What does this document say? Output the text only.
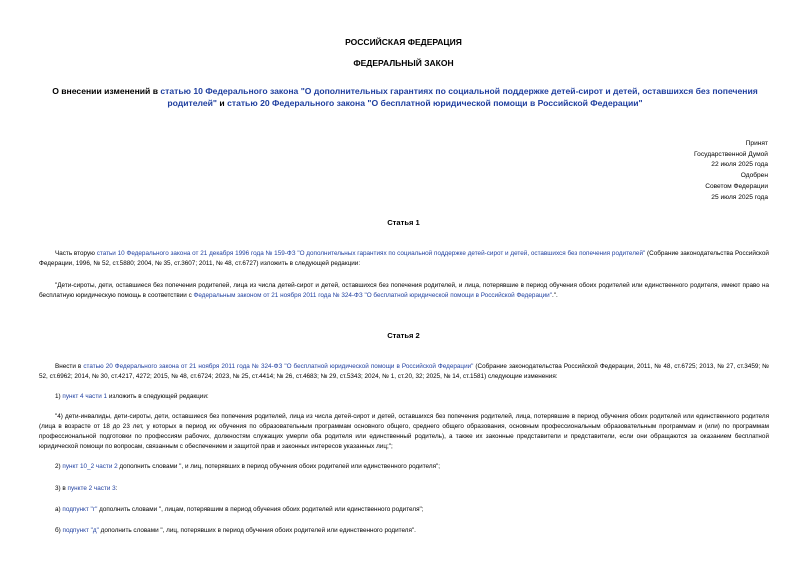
РОССИЙСКАЯ ФЕДЕРАЦИЯ
ФЕДЕРАЛЬНЫЙ ЗАКОН
О внесении изменений в статью 10 Федерального закона "О дополнительных гарантиях по социальной поддержке детей-сирот и детей, оставшихся без попечения родителей" и статью 20 Федерального закона "О бесплатной юридической помощи в Российской Федерации"
Принят
Государственной Думой
22 июля 2025 года
Одобрен
Советом Федерации
25 июля 2025 года
Статья 1
Часть вторую статьи 10 Федерального закона от 21 декабря 1996 года № 159-ФЗ "О дополнительных гарантиях по социальной поддержке детей-сирот и детей, оставшихся без попечения родителей" (Собрание законодательства Российской Федерации, 1996, № 52, ст.5880; 2004, № 35, ст.3607; 2011, № 48, ст.6727) изложить в следующей редакции:
"Дети-сироты, дети, оставшиеся без попечения родителей, лица из числа детей-сирот и детей, оставшихся без попечения родителей, и лица, потерявшие в период обучения обоих родителей или единственного родителя, имеют право на бесплатную юридическую помощь в соответствии с Федеральным законом от 21 ноября 2011 года № 324-ФЗ "О бесплатной юридической помощи в Российской Федерации".".
Статья 2
Внести в статью 20 Федерального закона от 21 ноября 2011 года № 324-ФЗ "О бесплатной юридической помощи в Российской Федерации" (Собрание законодательства Российской Федерации, 2011, № 48, ст.6725; 2013, № 27, ст.3459; № 52, ст.6962; 2014, № 30, ст.4217, 4272; 2015, № 48, ст.6724; 2023, № 25, ст.4414; № 26, ст.4683; № 29, ст.5343; 2024, № 1, ст.20, 32; 2025, № 14, ст.1581) следующие изменения:
1) пункт 4 части 1 изложить в следующей редакции:
"4) дети-инвалиды, дети-сироты, дети, оставшиеся без попечения родителей, лица из числа детей-сирот и детей, оставшихся без попечения родителей, лица, потерявшие в период обучения обоих родителей или единственного родителя (лица в возрасте от 18 до 23 лет, у которых в период их обучения по образовательным программам основного общего, среднего общего образования, основным профессиональным образовательным программам и (или) по программам профессиональной подготовки по профессиям рабочих, должностям служащих умерли оба родителя или единственный родитель), а также их законные представители и представители, если они обращаются за оказанием бесплатной юридической помощи по вопросам, связанным с обеспечением и защитой прав и законных интересов указанных лиц;";
2) пункт 10_2 части 2 дополнить словами ", и лиц, потерявших в период обучения обоих родителей или единственного родителя";
3) в пункте 2 части 3:
а) подпункт "г" дополнить словами ", лицам, потерявшим в период обучения обоих родителей или единственного родителя";
б) подпункт "д" дополнить словами ", лиц, потерявших в период обучения обоих родителей или единственного родителя".
